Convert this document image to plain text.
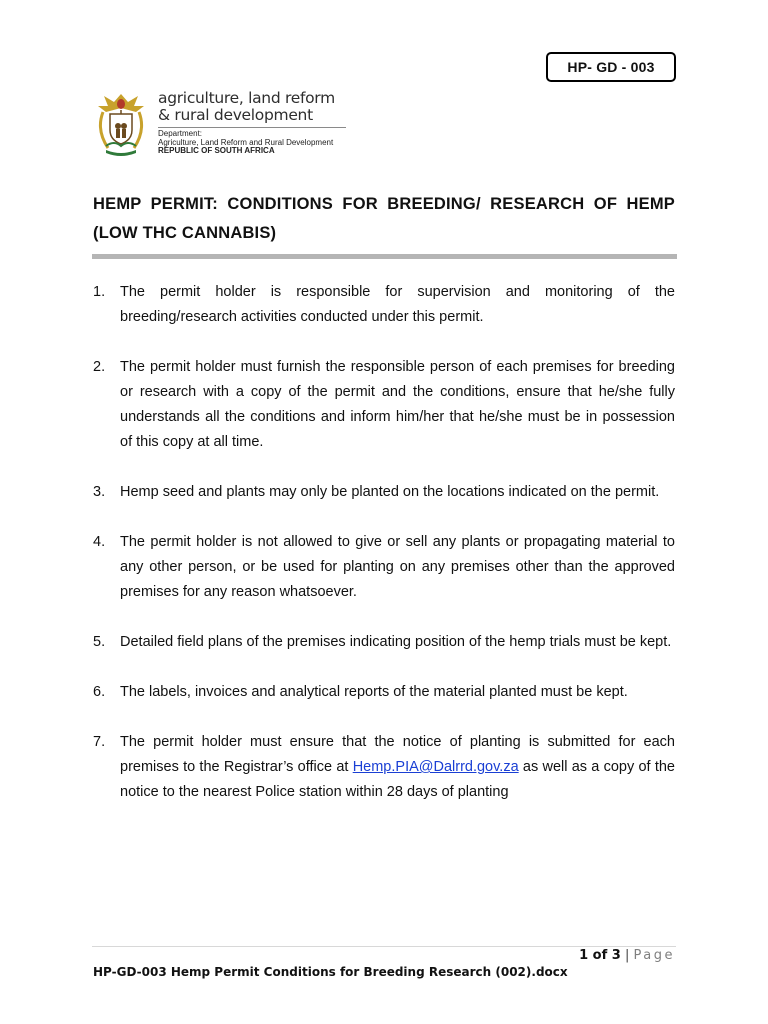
HP- GD - 003
agriculture, land reform
& rural development
Department:
Agriculture, Land Reform and Rural Development
REPUBLIC OF SOUTH AFRICA
HEMP PERMIT: CONDITIONS FOR BREEDING/ RESEARCH OF HEMP (LOW THC CANNABIS)
1. The permit holder is responsible for supervision and monitoring of the breeding/research activities conducted under this permit.
2. The permit holder must furnish the responsible person of each premises for breeding or research with a copy of the permit and the conditions, ensure that he/she fully understands all the conditions and inform him/her that he/she must be in possession of this copy at all time.
3. Hemp seed and plants may only be planted on the locations indicated on the permit.
4. The permit holder is not allowed to give or sell any plants or propagating material to any other person, or be used for planting on any premises other than the approved premises for any reason whatsoever.
5. Detailed field plans of the premises indicating position of the hemp trials must be kept.
6. The labels, invoices and analytical reports of the material planted must be kept.
7. The permit holder must ensure that the notice of planting is submitted for each premises to the Registrar’s office at Hemp.PIA@Dalrrd.gov.za as well as a copy of the notice to the nearest Police station within 28 days of planting
1 of 3 | Page
HP-GD-003 Hemp Permit Conditions for Breeding Research (002).docx
